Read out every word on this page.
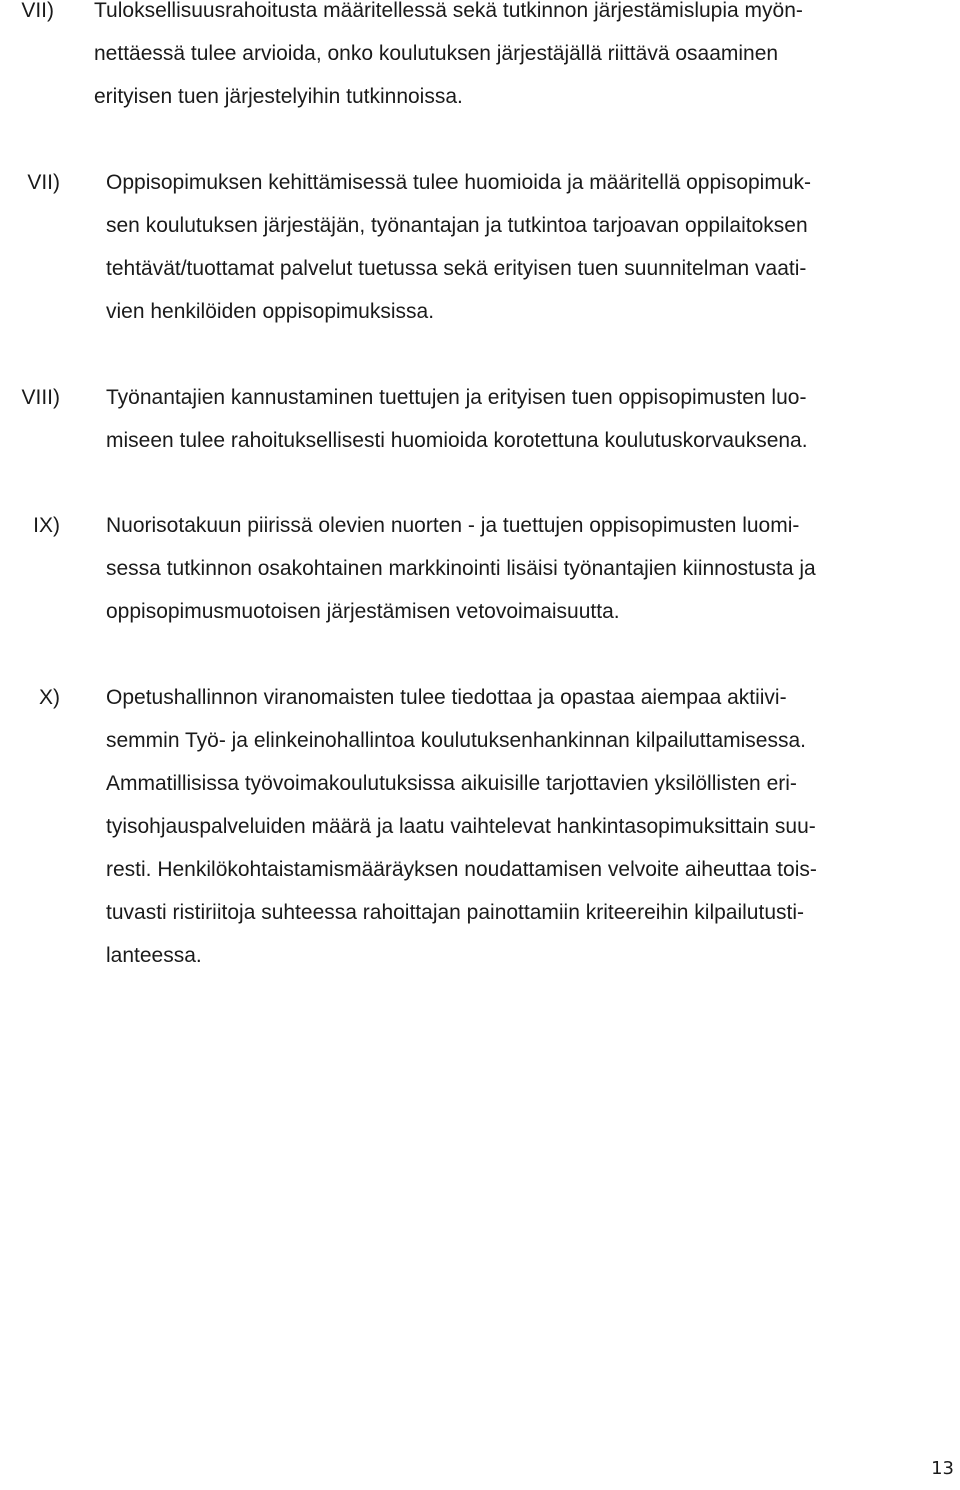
VII) Tuloksellisuusrahoitusta määritellessä sekä tutkinnon järjestämislupia myön-
nettäessä tulee arvioida, onko koulutuksen järjestäjällä riittävä osaaminen
erityisen tuen järjestelyihin tutkinnoissa.
VII) Oppisopimuksen kehittämisessä tulee huomioida ja määritellä oppisopimuk-
sen koulutuksen järjestäjän, työnantajan ja tutkintoa tarjoavan oppilaitoksen
tehtävät/tuottamat palvelut tuetussa sekä erityisen tuen suunnitelman vaati-
vien henkilöiden oppisopimuksissa.
VIII) Työnantajien kannustaminen tuettujen ja erityisen tuen oppisopimusten luo-
miseen tulee rahoituksellisesti huomioida korotettuna koulutuskorvauksena.
IX) Nuorisotakuun piirissä olevien nuorten - ja tuettujen oppisopimusten luomi-
sessa tutkinnon osakohtainen markkinointi lisäisi työnantajien kiinnostusta ja
oppisopimusmuotoisen järjestämisen vetovoimaisuutta.
X) Opetushallinnon viranomaisten tulee tiedottaa ja opastaa aiempaa aktiivi-
semmin Työ- ja elinkeinohallintoa koulutuksenhankinnan kilpailuttamisessa.
Ammatillisissa työvoimakoulutuksissa aikuisille tarjottavien yksilöllisten eri-
tyisohjauspalveluiden määrä ja laatu vaihtelevat hankintasopimuksittain suu-
resti. Henkilökohtaistamismääräyksen noudattamisen velvoite aiheuttaa tois-
tuvasti ristiriitoja suhteessa rahoittajan painottamiin kriteereihin kilpailutusti-
lanteessa.
13
